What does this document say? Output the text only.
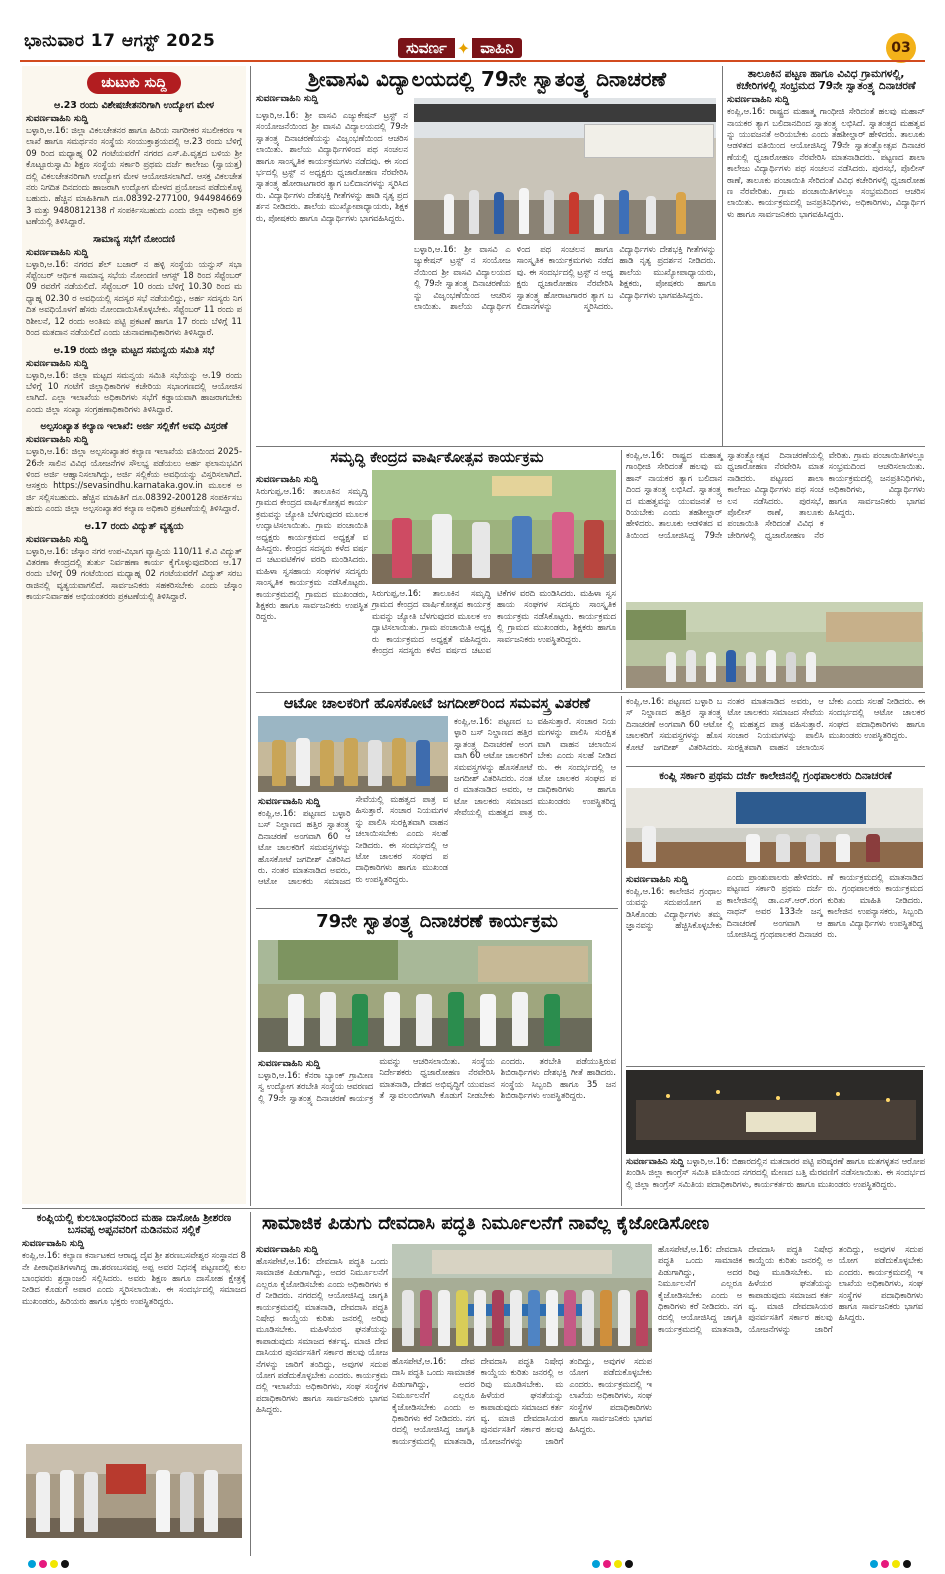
ಭಾನುವಾರ 17 ಆಗಸ್ಟ್ 2025	ಸುವರ್ಣ ✦ ವಾಹಿನಿ	03
ಚುಟುಕು ಸುದ್ದಿ
ಆ.23 ರಂದು ವಿಶೇಷಚೇತನರಿಗಾಗಿ ಉದ್ಯೋಗ ಮೇಳ
ಸುವರ್ಣವಾಹಿನಿ ಸುದ್ದಿ
ಬಳ್ಳಾರಿ,ಆ.16: ಜಿಲ್ಲಾ ವಿಕಲಚೇತನರ ಹಾಗೂ ಹಿರಿಯ ನಾಗರೀಕರ ಸಬಲೀಕರಣ ಇಲಾಖೆ ಹಾಗೂ ಸಮರ್ಥನಂ ಸಂಸ್ಥೆಯ ಸಂಯುಕ್ತಾಶ್ರಯದಲ್ಲಿ ಆ.23 ರಂದು ಬೆಳಿಗ್ಗೆ 09 ರಿಂದ ಮಧ್ಯಾಹ್ನ 02 ಗಂಟೆಯವರೆಗೆ ನಗರದ ಎಸ್.ಪಿ.ವೃತ್ತದ ಬಳಿಯ ಶ್ರೀ ಕೊಟ್ಟೂರುಸ್ವಾಮಿ ಶಿಕ್ಷಣ ಸಂಸ್ಥೆಯ ಸರ್ಕಾರಿ ಪ್ರಥಮ ದರ್ಜೆ ಕಾಲೇಜು (ಸ್ವಾಯತ್ತ) ದಲ್ಲಿ ವಿಕಲಚೇತನರಿಗಾಗಿ ಉದ್ಯೋಗ ಮೇಳ ಆಯೋಜಿಸಲಾಗಿದೆ. ಆಸಕ್ತ ವಿಕಲಚೇತನರು ನಿಗದಿತ ದಿನದಂದು ಹಾಜರಾಗಿ ಉದ್ಯೋಗ ಮೇಳದ ಪ್ರಯೋಜನ ಪಡೆದುಕೊಳ್ಳಬಹುದು. ಹೆಚ್ಚಿನ ಮಾಹಿತಿಗಾಗಿ ದೂ.08392-277100, 9449846693 ಮತ್ತು 9480812138 ಗೆ ಸಂಪರ್ಕಿಸಬಹುದು ಎಂದು ಜಿಲ್ಲಾ ಅಧಿಕಾರಿ ಪ್ರಕಟಣೆಯಲ್ಲಿ ತಿಳಿಸಿದ್ದಾರೆ.
ಸಾಮಾನ್ಯ ಸಭೆಗೆ ನೋಂದಣಿ
ಸುವರ್ಣವಾಹಿನಿ ಸುದ್ದಿ
ಬಳ್ಳಾರಿ,ಆ.16: ನಗರದ ಶೆಲ್ ಬಜಾರ್ ನ ಹಳ್ಳಿ ಸಂಸ್ಥೆಯ ಯನ್ವುಸ್ ಸಭಾ ಸೆಪ್ಟೆಂಬರ್ ಆರ್ಥಿಕ ಸಾಮಾನ್ಯ ಸಭೆಯ ನೋಂದಣಿ ಆಗಸ್ಟ್ 18 ರಿಂದ ಸೆಪ್ಟೆಂಬರ್ 09 ರವರೆಗೆ ನಡೆಯಲಿದೆ. ಸೆಪ್ಟೆಂಬರ್ 10 ರಂದು ಬೆಳಿಗ್ಗೆ 10.30 ರಿಂದ ಮಧ್ಯಾಹ್ನ 02.30 ರ ಅವಧಿಯಲ್ಲಿ ಸದಸ್ಯರ ಸಭೆ ನಡೆಯಲಿದ್ದು, ಅರ್ಹ ಸದಸ್ಯರು ನಿಗದಿತ ಅವಧಿಯೊಳಗೆ ಹೆಸರು ನೋಂದಾಯಿಸಿಕೊಳ್ಳಬೇಕು. ಸೆಪ್ಟೆಂಬರ್ 11 ರಂದು ಪರಿಶೀಲನೆ, 12 ರಂದು ಅಂತಿಮ ಪಟ್ಟಿ ಪ್ರಕಟಣೆ ಹಾಗೂ 17 ರಂದು ಬೆಳಿಗ್ಗೆ 11 ರಿಂದ ಮತದಾನ ನಡೆಯಲಿದೆ ಎಂದು ಚುನಾವಣಾಧಿಕಾರಿಗಳು ತಿಳಿಸಿದ್ದಾರೆ.
ಆ.19 ರಂದು ಜಿಲ್ಲಾ ಮಟ್ಟದ ಸಮನ್ವಯ ಸಮಿತಿ ಸಭೆ
ಸುವರ್ಣವಾಹಿನಿ ಸುದ್ದಿ
ಬಳ್ಳಾರಿ,ಆ.16: ಜಿಲ್ಲಾ ಮಟ್ಟದ ಸಮನ್ವಯ ಸಮಿತಿ ಸಭೆಯನ್ನು ಆ.19 ರಂದು ಬೆಳಿಗ್ಗೆ 10 ಗಂಟೆಗೆ ಜಿಲ್ಲಾಧಿಕಾರಿಗಳ ಕಚೇರಿಯ ಸಭಾಂಗಣದಲ್ಲಿ ಆಯೋಜಿಸಲಾಗಿದೆ. ಎಲ್ಲಾ ಇಲಾಖೆಯ ಅಧಿಕಾರಿಗಳು ಸಭೆಗೆ ಕಡ್ಡಾಯವಾಗಿ ಹಾಜರಾಗಬೇಕು ಎಂದು ಜಿಲ್ಲಾ ಸಂಖ್ಯಾ ಸಂಗ್ರಹಣಾಧಿಕಾರಿಗಳು ತಿಳಿಸಿದ್ದಾರೆ.
ಅಲ್ಪಸಂಖ್ಯಾತ ಕಲ್ಯಾಣ ಇಲಾಖೆ: ಅರ್ಜಿ ಸಲ್ಲಿಕೆಗೆ ಅವಧಿ ವಿಸ್ತರಣೆ
ಸುವರ್ಣವಾಹಿನಿ ಸುದ್ದಿ
ಬಳ್ಳಾರಿ,ಆ.16: ಜಿಲ್ಲಾ ಅಲ್ಪಸಂಖ್ಯಾತರ ಕಲ್ಯಾಣ ಇಲಾಖೆಯ ವತಿಯಿಂದ 2025-26ನೇ ಸಾಲಿನ ವಿವಿಧ ಯೋಜನೆಗಳ ಸೌಲಭ್ಯ ಪಡೆಯಲು ಅರ್ಹ ಫಲಾನುಭವಿಗಳಿಂದ ಅರ್ಜಿ ಆಹ್ವಾನಿಸಲಾಗಿದ್ದು, ಅರ್ಜಿ ಸಲ್ಲಿಕೆಯ ಅವಧಿಯನ್ನು ವಿಸ್ತರಿಸಲಾಗಿದೆ. ಆಸಕ್ತರು https://sevasindhu.karnataka.gov.in ಮೂಲಕ ಅರ್ಜಿ ಸಲ್ಲಿಸಬಹುದು. ಹೆಚ್ಚಿನ ಮಾಹಿತಿಗೆ ದೂ.08392-200128 ಸಂಪರ್ಕಿಸಬಹುದು ಎಂದು ಜಿಲ್ಲಾ ಅಲ್ಪಸಂಖ್ಯಾತರ ಕಲ್ಯಾಣ ಅಧಿಕಾರಿ ಪ್ರಕಟಣೆಯಲ್ಲಿ ತಿಳಿಸಿದ್ದಾರೆ.
ಆ.17 ರಂದು ವಿದ್ಯುತ್ ವ್ಯತ್ಯಯ
ಸುವರ್ಣವಾಹಿನಿ ಸುದ್ದಿ
ಬಳ್ಳಾರಿ,ಆ.16: ಜೆಸ್ಕಾಂ ನಗರ ಉಪ-ವಿಭಾಗ ವ್ಯಾಪ್ತಿಯ 110/11 ಕೆ.ವಿ ವಿದ್ಯುತ್ ವಿತರಣಾ ಕೇಂದ್ರದಲ್ಲಿ ತುರ್ತು ನಿರ್ವಹಣಾ ಕಾರ್ಯ ಕೈಗೊಳ್ಳುವುದರಿಂದ ಆ.17 ರಂದು ಬೆಳಿಗ್ಗೆ 09 ಗಂಟೆಯಿಂದ ಮಧ್ಯಾಹ್ನ 02 ಗಂಟೆಯವರೆಗೆ ವಿದ್ಯುತ್ ಸರಬರಾಜಿನಲ್ಲಿ ವ್ಯತ್ಯಯವಾಗಲಿದೆ. ಸಾರ್ವಜನಿಕರು ಸಹಕರಿಸಬೇಕು ಎಂದು ಜೆಸ್ಕಾಂ ಕಾರ್ಯನಿರ್ವಾಹಕ ಅಭಿಯಂತರರು ಪ್ರಕಟಣೆಯಲ್ಲಿ ತಿಳಿಸಿದ್ದಾರೆ.
ಶ್ರೀವಾಸವಿ ವಿದ್ಯಾಲಯದಲ್ಲಿ 79ನೇ ಸ್ವಾತಂತ್ರ್ಯ ದಿನಾಚರಣೆ
ಸುವರ್ಣವಾಹಿನಿ ಸುದ್ದಿ
ಬಳ್ಳಾರಿ,ಆ.16: ಶ್ರೀ ವಾಸವಿ ಎಜ್ಯುಕೇಷನ್ ಟ್ರಸ್ಟ್ ನ ಸಂಯೋಜನೆಯಿಂದ ಶ್ರೀ ವಾಸವಿ ವಿದ್ಯಾಲಯದಲ್ಲಿ 79ನೇ ಸ್ವಾತಂತ್ರ್ಯ ದಿನಾಚರಣೆಯನ್ನು ವಿಜೃಂಭಣೆಯಿಂದ ಆಚರಿಸಲಾಯಿತು. ಶಾಲೆಯ ವಿದ್ಯಾರ್ಥಿಗಳಿಂದ ಪಥ ಸಂಚಲನ ಹಾಗೂ ಸಾಂಸ್ಕೃತಿಕ ಕಾರ್ಯಕ್ರಮಗಳು ನಡೆದವು. ಈ ಸಂದರ್ಭದಲ್ಲಿ ಟ್ರಸ್ಟ್ ನ ಅಧ್ಯಕ್ಷರು ಧ್ವಜಾರೋಹಣ ನೆರವೇರಿಸಿ ಸ್ವಾತಂತ್ರ್ಯ ಹೋರಾಟಗಾರರ ತ್ಯಾಗ ಬಲಿದಾನಗಳನ್ನು ಸ್ಮರಿಸಿದರು. ವಿದ್ಯಾರ್ಥಿಗಳು ದೇಶಭಕ್ತಿ ಗೀತೆಗಳನ್ನು ಹಾಡಿ ನೃತ್ಯ ಪ್ರದರ್ಶನ ನೀಡಿದರು. ಶಾಲೆಯ ಮುಖ್ಯೋಪಾಧ್ಯಾಯರು, ಶಿಕ್ಷಕರು, ಪೋಷಕರು ಹಾಗೂ ವಿದ್ಯಾರ್ಥಿಗಳು ಭಾಗವಹಿಸಿದ್ದರು.
ಬಳ್ಳಾರಿ,ಆ.16: ಶ್ರೀ ವಾಸವಿ ಎಜ್ಯುಕೇಷನ್ ಟ್ರಸ್ಟ್ ನ ಸಂಯೋಜನೆಯಿಂದ ಶ್ರೀ ವಾಸವಿ ವಿದ್ಯಾಲಯದಲ್ಲಿ 79ನೇ ಸ್ವಾತಂತ್ರ್ಯ ದಿನಾಚರಣೆಯನ್ನು ವಿಜೃಂಭಣೆಯಿಂದ ಆಚರಿಸಲಾಯಿತು. ಶಾಲೆಯ ವಿದ್ಯಾರ್ಥಿಗಳಿಂದ ಪಥ ಸಂಚಲನ ಹಾಗೂ ಸಾಂಸ್ಕೃತಿಕ ಕಾರ್ಯಕ್ರಮಗಳು ನಡೆದವು. ಈ ಸಂದರ್ಭದಲ್ಲಿ ಟ್ರಸ್ಟ್ ನ ಅಧ್ಯಕ್ಷರು ಧ್ವಜಾರೋಹಣ ನೆರವೇರಿಸಿ ಸ್ವಾತಂತ್ರ್ಯ ಹೋರಾಟಗಾರರ ತ್ಯಾಗ ಬಲಿದಾನಗಳನ್ನು ಸ್ಮರಿಸಿದರು. ವಿದ್ಯಾರ್ಥಿಗಳು ದೇಶಭಕ್ತಿ ಗೀತೆಗಳನ್ನು ಹಾಡಿ ನೃತ್ಯ ಪ್ರದರ್ಶನ ನೀಡಿದರು. ಶಾಲೆಯ ಮುಖ್ಯೋಪಾಧ್ಯಾಯರು, ಶಿಕ್ಷಕರು, ಪೋಷಕರು ಹಾಗೂ ವಿದ್ಯಾರ್ಥಿಗಳು ಭಾಗವಹಿಸಿದ್ದರು.
ತಾಲೂಕಿನ ಪಟ್ಟಣ ಹಾಗೂ ವಿವಿಧ ಗ್ರಾಮಗಳಲ್ಲಿ, ಕಚೇರಿಗಳಲ್ಲಿ ಸಂಭ್ರಮದ 79ನೇ ಸ್ವಾತಂತ್ರ್ಯ ದಿನಾಚರಣೆ
ಸುವರ್ಣವಾಹಿನಿ ಸುದ್ದಿ
ಕಂಪ್ಲಿ,ಆ.16: ರಾಷ್ಟ್ರದ ಮಹಾತ್ಮ ಗಾಂಧೀಜಿ ಸೇರಿದಂತೆ ಹಲವು ಮಹಾನ್ ನಾಯಕರ ತ್ಯಾಗ ಬಲಿದಾನದಿಂದ ಸ್ವಾತಂತ್ರ್ಯ ಲಭಿಸಿದೆ. ಸ್ವಾತಂತ್ರ್ಯದ ಮಹತ್ವವನ್ನು ಯುವಜನತೆ ಅರಿಯಬೇಕು ಎಂದು ತಹಶೀಲ್ದಾರ್ ಹೇಳಿದರು. ತಾಲೂಕು ಆಡಳಿತದ ವತಿಯಿಂದ ಆಯೋಜಿಸಿದ್ದ 79ನೇ ಸ್ವಾತಂತ್ರ್ಯೋತ್ಸವ ದಿನಾಚರಣೆಯಲ್ಲಿ ಧ್ವಜಾರೋಹಣ ನೆರವೇರಿಸಿ ಮಾತನಾಡಿದರು. ಪಟ್ಟಣದ ಶಾಲಾ ಕಾಲೇಜು ವಿದ್ಯಾರ್ಥಿಗಳು ಪಥ ಸಂಚಲನ ನಡೆಸಿದರು. ಪುರಸಭೆ, ಪೊಲೀಸ್ ಠಾಣೆ, ತಾಲೂಕು ಪಂಚಾಯಿತಿ ಸೇರಿದಂತೆ ವಿವಿಧ ಕಚೇರಿಗಳಲ್ಲಿ ಧ್ವಜಾರೋಹಣ ನೆರವೇರಿತು. ಗ್ರಾಮ ಪಂಚಾಯಿತಿಗಳಲ್ಲೂ ಸಂಭ್ರಮದಿಂದ ಆಚರಿಸಲಾಯಿತು. ಕಾರ್ಯಕ್ರಮದಲ್ಲಿ ಜನಪ್ರತಿನಿಧಿಗಳು, ಅಧಿಕಾರಿಗಳು, ವಿದ್ಯಾರ್ಥಿಗಳು ಹಾಗೂ ಸಾರ್ವಜನಿಕರು ಭಾಗವಹಿಸಿದ್ದರು.
ಸಮೃದ್ಧಿ ಕೇಂದ್ರದ ವಾರ್ಷಿಕೋತ್ಸವ ಕಾರ್ಯಕ್ರಮ
ಸುವರ್ಣವಾಹಿನಿ ಸುದ್ದಿ
ಸಿರುಗುಪ್ಪ,ಆ.16: ತಾಲೂಕಿನ ಸಮೃದ್ಧಿ ಗ್ರಾಮದ ಕೇಂದ್ರದ ವಾರ್ಷಿಕೋತ್ಸವ ಕಾರ್ಯಕ್ರಮವನ್ನು ಜ್ಯೋತಿ ಬೆಳಗುವುದರ ಮೂಲಕ ಉದ್ಘಾಟಿಸಲಾಯಿತು. ಗ್ರಾಮ ಪಂಚಾಯಿತಿ ಅಧ್ಯಕ್ಷರು ಕಾರ್ಯಕ್ರಮದ ಅಧ್ಯಕ್ಷತೆ ವಹಿಸಿದ್ದರು. ಕೇಂದ್ರದ ಸದಸ್ಯರು ಕಳೆದ ವರ್ಷದ ಚಟುವಟಿಕೆಗಳ ವರದಿ ಮಂಡಿಸಿದರು. ಮಹಿಳಾ ಸ್ವಸಹಾಯ ಸಂಘಗಳ ಸದಸ್ಯರು ಸಾಂಸ್ಕೃತಿಕ ಕಾರ್ಯಕ್ರಮ ನಡೆಸಿಕೊಟ್ಟರು. ಕಾರ್ಯಕ್ರಮದಲ್ಲಿ ಗ್ರಾಮದ ಮುಖಂಡರು, ಶಿಕ್ಷಕರು ಹಾಗೂ ಸಾರ್ವಜನಿಕರು ಉಪಸ್ಥಿತರಿದ್ದರು.
ಸಿರುಗುಪ್ಪ,ಆ.16: ತಾಲೂಕಿನ ಸಮೃದ್ಧಿ ಗ್ರಾಮದ ಕೇಂದ್ರದ ವಾರ್ಷಿಕೋತ್ಸವ ಕಾರ್ಯಕ್ರಮವನ್ನು ಜ್ಯೋತಿ ಬೆಳಗುವುದರ ಮೂಲಕ ಉದ್ಘಾಟಿಸಲಾಯಿತು. ಗ್ರಾಮ ಪಂಚಾಯಿತಿ ಅಧ್ಯಕ್ಷರು ಕಾರ್ಯಕ್ರಮದ ಅಧ್ಯಕ್ಷತೆ ವಹಿಸಿದ್ದರು. ಕೇಂದ್ರದ ಸದಸ್ಯರು ಕಳೆದ ವರ್ಷದ ಚಟುವಟಿಕೆಗಳ ವರದಿ ಮಂಡಿಸಿದರು. ಮಹಿಳಾ ಸ್ವಸಹಾಯ ಸಂಘಗಳ ಸದಸ್ಯರು ಸಾಂಸ್ಕೃತಿಕ ಕಾರ್ಯಕ್ರಮ ನಡೆಸಿಕೊಟ್ಟರು. ಕಾರ್ಯಕ್ರಮದಲ್ಲಿ ಗ್ರಾಮದ ಮುಖಂಡರು, ಶಿಕ್ಷಕರು ಹಾಗೂ ಸಾರ್ವಜನಿಕರು ಉಪಸ್ಥಿತರಿದ್ದರು.
ಕಂಪ್ಲಿ,ಆ.16: ರಾಷ್ಟ್ರದ ಮಹಾತ್ಮ ಗಾಂಧೀಜಿ ಸೇರಿದಂತೆ ಹಲವು ಮಹಾನ್ ನಾಯಕರ ತ್ಯಾಗ ಬಲಿದಾನದಿಂದ ಸ್ವಾತಂತ್ರ್ಯ ಲಭಿಸಿದೆ. ಸ್ವಾತಂತ್ರ್ಯದ ಮಹತ್ವವನ್ನು ಯುವಜನತೆ ಅರಿಯಬೇಕು ಎಂದು ತಹಶೀಲ್ದಾರ್ ಹೇಳಿದರು. ತಾಲೂಕು ಆಡಳಿತದ ವತಿಯಿಂದ ಆಯೋಜಿಸಿದ್ದ 79ನೇ ಸ್ವಾತಂತ್ರ್ಯೋತ್ಸವ ದಿನಾಚರಣೆಯಲ್ಲಿ ಧ್ವಜಾರೋಹಣ ನೆರವೇರಿಸಿ ಮಾತನಾಡಿದರು. ಪಟ್ಟಣದ ಶಾಲಾ ಕಾಲೇಜು ವಿದ್ಯಾರ್ಥಿಗಳು ಪಥ ಸಂಚಲನ ನಡೆಸಿದರು. ಪುರಸಭೆ, ಪೊಲೀಸ್ ಠಾಣೆ, ತಾಲೂಕು ಪಂಚಾಯಿತಿ ಸೇರಿದಂತೆ ವಿವಿಧ ಕಚೇರಿಗಳಲ್ಲಿ ಧ್ವಜಾರೋಹಣ ನೆರವೇರಿತು. ಗ್ರಾಮ ಪಂಚಾಯಿತಿಗಳಲ್ಲೂ ಸಂಭ್ರಮದಿಂದ ಆಚರಿಸಲಾಯಿತು. ಕಾರ್ಯಕ್ರಮದಲ್ಲಿ ಜನಪ್ರತಿನಿಧಿಗಳು, ಅಧಿಕಾರಿಗಳು, ವಿದ್ಯಾರ್ಥಿಗಳು ಹಾಗೂ ಸಾರ್ವಜನಿಕರು ಭಾಗವಹಿಸಿದ್ದರು.
ಆಟೋ ಚಾಲಕರಿಗೆ ಹೊಸಕೋಟೆ ಜಗದೀಶ್‌ರಿಂದ ಸಮವಸ್ತ್ರ ವಿತರಣೆ
ಸುವರ್ಣವಾಹಿನಿ ಸುದ್ದಿ
ಕಂಪ್ಲಿ,ಆ.16: ಪಟ್ಟಣದ ಬಳ್ಳಾರಿ ಬಸ್ ನಿಲ್ದಾಣದ ಹತ್ತಿರ ಸ್ವಾತಂತ್ರ್ಯ ದಿನಾಚರಣೆ ಅಂಗವಾಗಿ 60 ಆಟೋ ಚಾಲಕರಿಗೆ ಸಮವಸ್ತ್ರಗಳನ್ನು ಹೊಸಕೋಟೆ ಜಗದೀಶ್ ವಿತರಿಸಿದರು. ನಂತರ ಮಾತನಾಡಿದ ಅವರು, ಆಟೋ ಚಾಲಕರು ಸಮಾಜದ ಸೇವೆಯಲ್ಲಿ ಮಹತ್ವದ ಪಾತ್ರ ವಹಿಸುತ್ತಾರೆ. ಸಂಚಾರ ನಿಯಮಗಳನ್ನು ಪಾಲಿಸಿ ಸುರಕ್ಷಿತವಾಗಿ ವಾಹನ ಚಲಾಯಿಸಬೇಕು ಎಂದು ಸಲಹೆ ನೀಡಿದರು. ಈ ಸಂದರ್ಭದಲ್ಲಿ ಆಟೋ ಚಾಲಕರ ಸಂಘದ ಪದಾಧಿಕಾರಿಗಳು ಹಾಗೂ ಮುಖಂಡರು ಉಪಸ್ಥಿತರಿದ್ದರು.
ಕಂಪ್ಲಿ,ಆ.16: ಪಟ್ಟಣದ ಬಳ್ಳಾರಿ ಬಸ್ ನಿಲ್ದಾಣದ ಹತ್ತಿರ ಸ್ವಾತಂತ್ರ್ಯ ದಿನಾಚರಣೆ ಅಂಗವಾಗಿ 60 ಆಟೋ ಚಾಲಕರಿಗೆ ಸಮವಸ್ತ್ರಗಳನ್ನು ಹೊಸಕೋಟೆ ಜಗದೀಶ್ ವಿತರಿಸಿದರು. ನಂತರ ಮಾತನಾಡಿದ ಅವರು, ಆಟೋ ಚಾಲಕರು ಸಮಾಜದ ಸೇವೆಯಲ್ಲಿ ಮಹತ್ವದ ಪಾತ್ರ ವಹಿಸುತ್ತಾರೆ. ಸಂಚಾರ ನಿಯಮಗಳನ್ನು ಪಾಲಿಸಿ ಸುರಕ್ಷಿತವಾಗಿ ವಾಹನ ಚಲಾಯಿಸಬೇಕು ಎಂದು ಸಲಹೆ ನೀಡಿದರು. ಈ ಸಂದರ್ಭದಲ್ಲಿ ಆಟೋ ಚಾಲಕರ ಸಂಘದ ಪದಾಧಿಕಾರಿಗಳು ಹಾಗೂ ಮುಖಂಡರು ಉಪಸ್ಥಿತರಿದ್ದರು.
ಕಂಪ್ಲಿ,ಆ.16: ಪಟ್ಟಣದ ಬಳ್ಳಾರಿ ಬಸ್ ನಿಲ್ದಾಣದ ಹತ್ತಿರ ಸ್ವಾತಂತ್ರ್ಯ ದಿನಾಚರಣೆ ಅಂಗವಾಗಿ 60 ಆಟೋ ಚಾಲಕರಿಗೆ ಸಮವಸ್ತ್ರಗಳನ್ನು ಹೊಸಕೋಟೆ ಜಗದೀಶ್ ವಿತರಿಸಿದರು. ನಂತರ ಮಾತನಾಡಿದ ಅವರು, ಆಟೋ ಚಾಲಕರು ಸಮಾಜದ ಸೇವೆಯಲ್ಲಿ ಮಹತ್ವದ ಪಾತ್ರ ವಹಿಸುತ್ತಾರೆ. ಸಂಚಾರ ನಿಯಮಗಳನ್ನು ಪಾಲಿಸಿ ಸುರಕ್ಷಿತವಾಗಿ ವಾಹನ ಚಲಾಯಿಸಬೇಕು ಎಂದು ಸಲಹೆ ನೀಡಿದರು. ಈ ಸಂದರ್ಭದಲ್ಲಿ ಆಟೋ ಚಾಲಕರ ಸಂಘದ ಪದಾಧಿಕಾರಿಗಳು ಹಾಗೂ ಮುಖಂಡರು ಉಪಸ್ಥಿತರಿದ್ದರು.
ಕಂಪ್ಲಿ ಸರ್ಕಾರಿ ಪ್ರಥಮ ದರ್ಜೆ ಕಾಲೇಜಿನಲ್ಲಿ ಗ್ರಂಥಪಾಲಕರು ದಿನಾಚರಣೆ
ಸುವರ್ಣವಾಹಿನಿ ಸುದ್ದಿ
ಕಂಪ್ಲಿ,ಆ.16: ಕಾಲೇಜಿನ ಗ್ರಂಥಾಲಯವನ್ನು ಸದುಪಯೋಗ ಪಡಿಸಿಕೊಂಡು ವಿದ್ಯಾರ್ಥಿಗಳು ತಮ್ಮ ಜ್ಞಾನವನ್ನು ಹೆಚ್ಚಿಸಿಕೊಳ್ಳಬೇಕು ಎಂದು ಪ್ರಾಂಶುಪಾಲರು ಹೇಳಿದರು. ಪಟ್ಟಣದ ಸರ್ಕಾರಿ ಪ್ರಥಮ ದರ್ಜೆ ಕಾಲೇಜಿನಲ್ಲಿ ಡಾ.ಎಸ್.ಆರ್.ರಂಗನಾಥನ್ ಅವರ 133ನೇ ಜನ್ಮದಿನಾಚರಣೆ ಅಂಗವಾಗಿ ಆಯೋಜಿಸಿದ್ದ ಗ್ರಂಥಪಾಲಕರ ದಿನಾಚರಣೆ ಕಾರ್ಯಕ್ರಮದಲ್ಲಿ ಮಾತನಾಡಿದರು. ಗ್ರಂಥಪಾಲಕರು ಕಾರ್ಯಕ್ರಮದ ಕುರಿತು ಮಾಹಿತಿ ನೀಡಿದರು. ಕಾಲೇಜಿನ ಉಪನ್ಯಾಸಕರು, ಸಿಬ್ಬಂದಿ ಹಾಗೂ ವಿದ್ಯಾರ್ಥಿಗಳು ಉಪಸ್ಥಿತರಿದ್ದರು.
79ನೇ ಸ್ವಾತಂತ್ರ್ಯ ದಿನಾಚರಣೆ ಕಾರ್ಯಕ್ರಮ
ಸುವರ್ಣವಾಹಿನಿ ಸುದ್ದಿ
ಬಳ್ಳಾರಿ,ಆ.16: ಕೆನರಾ ಬ್ಯಾಂಕ್ ಗ್ರಾಮೀಣ ಸ್ವ ಉದ್ಯೋಗ ತರಬೇತಿ ಸಂಸ್ಥೆಯ ಆವರಣದಲ್ಲಿ 79ನೇ ಸ್ವಾತಂತ್ರ್ಯ ದಿನಾಚರಣೆ ಕಾರ್ಯಕ್ರಮವನ್ನು ಆಚರಿಸಲಾಯಿತು. ಸಂಸ್ಥೆಯ ನಿರ್ದೇಶಕರು ಧ್ವಜಾರೋಹಣ ನೆರವೇರಿಸಿ ಮಾತನಾಡಿ, ದೇಶದ ಅಭಿವೃದ್ಧಿಗೆ ಯುವಜನತೆ ಸ್ವಾವಲಂಬಿಗಳಾಗಿ ಕೊಡುಗೆ ನೀಡಬೇಕು ಎಂದರು. ತರಬೇತಿ ಪಡೆಯುತ್ತಿರುವ ಶಿಬಿರಾರ್ಥಿಗಳು ದೇಶಭಕ್ತಿ ಗೀತೆ ಹಾಡಿದರು. ಸಂಸ್ಥೆಯ ಸಿಬ್ಬಂದಿ ಹಾಗೂ 35 ಜನ ಶಿಬಿರಾರ್ಥಿಗಳು ಉಪಸ್ಥಿತರಿದ್ದರು.
ಸುವರ್ಣವಾಹಿನಿ ಸುದ್ದಿ ಬಳ್ಳಾರಿ,ಆ.16: ಬಿಹಾರದಲ್ಲಿನ ಮತದಾರರ ಪಟ್ಟಿ ಪರಿಷ್ಕರಣೆ ಹಾಗೂ ಮತಗಳ್ಳತನ ಆರೋಪ ಖಂಡಿಸಿ ಜಿಲ್ಲಾ ಕಾಂಗ್ರೆಸ್ ಸಮಿತಿ ವತಿಯಿಂದ ನಗರದಲ್ಲಿ ಮೇಣದ ಬತ್ತಿ ಮೆರವಣಿಗೆ ನಡೆಸಲಾಯಿತು. ಈ ಸಂದರ್ಭದಲ್ಲಿ ಜಿಲ್ಲಾ ಕಾಂಗ್ರೆಸ್ ಸಮಿತಿಯ ಪದಾಧಿಕಾರಿಗಳು, ಕಾರ್ಯಕರ್ತರು ಹಾಗೂ ಮುಖಂಡರು ಉಪಸ್ಥಿತರಿದ್ದರು.
ಕಂಪ್ಲಿಯಲ್ಲಿ ಕುಲಬಾಂಧವರಿಂದ ಮಹಾ ದಾಸೋಹಿ ಶ್ರೀಶರಣ ಬಸವಪ್ಪ ಅಪ್ಪನವರಿಗೆ ನುಡಿನಮನ ಸಲ್ಲಿಕೆ
ಸುವರ್ಣವಾಹಿನಿ ಸುದ್ದಿ
ಕಂಪ್ಲಿ,ಆ.16: ಕಲ್ಯಾಣ ಕರ್ನಾಟಕದ ಆರಾಧ್ಯ ದೈವ ಶ್ರೀ ಶರಣಬಸವೇಶ್ವರ ಸಂಸ್ಥಾನದ 8ನೇ ಪೀಠಾಧಿಪತಿಗಳಾಗಿದ್ದ ಡಾ.ಶರಣಬಸವಪ್ಪ ಅಪ್ಪ ಅವರ ನಿಧನಕ್ಕೆ ಪಟ್ಟಣದಲ್ಲಿ ಕುಲಬಾಂಧವರು ಶ್ರದ್ಧಾಂಜಲಿ ಸಲ್ಲಿಸಿದರು. ಅವರು ಶಿಕ್ಷಣ ಹಾಗೂ ದಾಸೋಹ ಕ್ಷೇತ್ರಕ್ಕೆ ನೀಡಿದ ಕೊಡುಗೆ ಅಪಾರ ಎಂದು ಸ್ಮರಿಸಲಾಯಿತು. ಈ ಸಂದರ್ಭದಲ್ಲಿ ಸಮಾಜದ ಮುಖಂಡರು, ಹಿರಿಯರು ಹಾಗೂ ಭಕ್ತರು ಉಪಸ್ಥಿತರಿದ್ದರು.
ಸಾಮಾಜಿಕ ಪಿಡುಗು ದೇವದಾಸಿ ಪದ್ಧತಿ ನಿರ್ಮೂಲನೆಗೆ ನಾವೆಲ್ಲ ಕೈಜೋಡಿಸೋಣ
ಸುವರ್ಣವಾಹಿನಿ ಸುದ್ದಿ
ಹೊಸಪೇಟೆ,ಆ.16: ದೇವದಾಸಿ ಪದ್ಧತಿ ಒಂದು ಸಾಮಾಜಿಕ ಪಿಡುಗಾಗಿದ್ದು, ಅದರ ನಿರ್ಮೂಲನೆಗೆ ಎಲ್ಲರೂ ಕೈಜೋಡಿಸಬೇಕು ಎಂದು ಅಧಿಕಾರಿಗಳು ಕರೆ ನೀಡಿದರು. ನಗರದಲ್ಲಿ ಆಯೋಜಿಸಿದ್ದ ಜಾಗೃತಿ ಕಾರ್ಯಕ್ರಮದಲ್ಲಿ ಮಾತನಾಡಿ, ದೇವದಾಸಿ ಪದ್ಧತಿ ನಿಷೇಧ ಕಾಯ್ದೆಯ ಕುರಿತು ಜನರಲ್ಲಿ ಅರಿವು ಮೂಡಿಸಬೇಕು. ಮಹಿಳೆಯರ ಘನತೆಯನ್ನು ಕಾಪಾಡುವುದು ಸಮಾಜದ ಕರ್ತವ್ಯ. ಮಾಜಿ ದೇವದಾಸಿಯರ ಪುನರ್ವಸತಿಗೆ ಸರ್ಕಾರ ಹಲವು ಯೋಜನೆಗಳನ್ನು ಜಾರಿಗೆ ತಂದಿದ್ದು, ಅವುಗಳ ಸದುಪಯೋಗ ಪಡೆದುಕೊಳ್ಳಬೇಕು ಎಂದರು. ಕಾರ್ಯಕ್ರಮದಲ್ಲಿ ಇಲಾಖೆಯ ಅಧಿಕಾರಿಗಳು, ಸಂಘ ಸಂಸ್ಥೆಗಳ ಪದಾಧಿಕಾರಿಗಳು ಹಾಗೂ ಸಾರ್ವಜನಿಕರು ಭಾಗವಹಿಸಿದ್ದರು.
ಹೊಸಪೇಟೆ,ಆ.16: ದೇವದಾಸಿ ಪದ್ಧತಿ ಒಂದು ಸಾಮಾಜಿಕ ಪಿಡುಗಾಗಿದ್ದು, ಅದರ ನಿರ್ಮೂಲನೆಗೆ ಎಲ್ಲರೂ ಕೈಜೋಡಿಸಬೇಕು ಎಂದು ಅಧಿಕಾರಿಗಳು ಕರೆ ನೀಡಿದರು. ನಗರದಲ್ಲಿ ಆಯೋಜಿಸಿದ್ದ ಜಾಗೃತಿ ಕಾರ್ಯಕ್ರಮದಲ್ಲಿ ಮಾತನಾಡಿ, ದೇವದಾಸಿ ಪದ್ಧತಿ ನಿಷೇಧ ಕಾಯ್ದೆಯ ಕುರಿತು ಜನರಲ್ಲಿ ಅರಿವು ಮೂಡಿಸಬೇಕು. ಮಹಿಳೆಯರ ಘನತೆಯನ್ನು ಕಾಪಾಡುವುದು ಸಮಾಜದ ಕರ್ತವ್ಯ. ಮಾಜಿ ದೇವದಾಸಿಯರ ಪುನರ್ವಸತಿಗೆ ಸರ್ಕಾರ ಹಲವು ಯೋಜನೆಗಳನ್ನು ಜಾರಿಗೆ ತಂದಿದ್ದು, ಅವುಗಳ ಸದುಪಯೋಗ ಪಡೆದುಕೊಳ್ಳಬೇಕು ಎಂದರು. ಕಾರ್ಯಕ್ರಮದಲ್ಲಿ ಇಲಾಖೆಯ ಅಧಿಕಾರಿಗಳು, ಸಂಘ ಸಂಸ್ಥೆಗಳ ಪದಾಧಿಕಾರಿಗಳು ಹಾಗೂ ಸಾರ್ವಜನಿಕರು ಭಾಗವಹಿಸಿದ್ದರು.
ಹೊಸಪೇಟೆ,ಆ.16: ದೇವದಾಸಿ ಪದ್ಧತಿ ಒಂದು ಸಾಮಾಜಿಕ ಪಿಡುಗಾಗಿದ್ದು, ಅದರ ನಿರ್ಮೂಲನೆಗೆ ಎಲ್ಲರೂ ಕೈಜೋಡಿಸಬೇಕು ಎಂದು ಅಧಿಕಾರಿಗಳು ಕರೆ ನೀಡಿದರು. ನಗರದಲ್ಲಿ ಆಯೋಜಿಸಿದ್ದ ಜಾಗೃತಿ ಕಾರ್ಯಕ್ರಮದಲ್ಲಿ ಮಾತನಾಡಿ, ದೇವದಾಸಿ ಪದ್ಧತಿ ನಿಷೇಧ ಕಾಯ್ದೆಯ ಕುರಿತು ಜನರಲ್ಲಿ ಅರಿವು ಮೂಡಿಸಬೇಕು. ಮಹಿಳೆಯರ ಘನತೆಯನ್ನು ಕಾಪಾಡುವುದು ಸಮಾಜದ ಕರ್ತವ್ಯ. ಮಾಜಿ ದೇವದಾಸಿಯರ ಪುನರ್ವಸತಿಗೆ ಸರ್ಕಾರ ಹಲವು ಯೋಜನೆಗಳನ್ನು ಜಾರಿಗೆ ತಂದಿದ್ದು, ಅವುಗಳ ಸದುಪಯೋಗ ಪಡೆದುಕೊಳ್ಳಬೇಕು ಎಂದರು. ಕಾರ್ಯಕ್ರಮದಲ್ಲಿ ಇಲಾಖೆಯ ಅಧಿಕಾರಿಗಳು, ಸಂಘ ಸಂಸ್ಥೆಗಳ ಪದಾಧಿಕಾರಿಗಳು ಹಾಗೂ ಸಾರ್ವಜನಿಕರು ಭಾಗವಹಿಸಿದ್ದರು.
